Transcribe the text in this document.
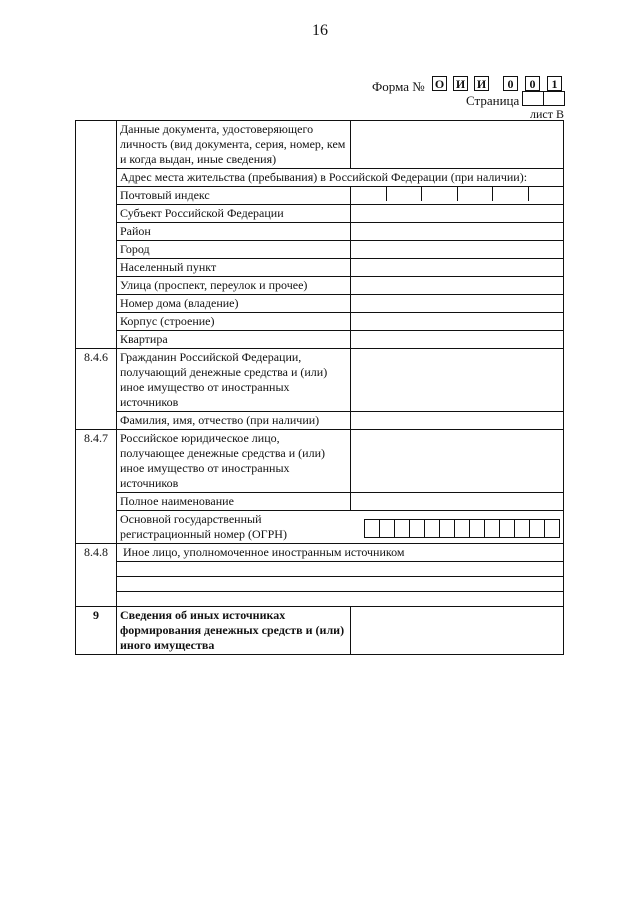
16
Форма № О И И	0	0	1
Страница
лист В
	Данные документа, удостоверяющего личность (вид документа, серия, номер, кем и когда выдан, иные сведения)	
	Адрес места жительства (пребывания) в Российской Федерации (при наличии):	
	Почтовый индекс	

	Субъект Российской Федерации	
	Район	
	Город	
	Населенный пункт	
	Улица (проспект, переулок и прочее)	
	Номер дома (владение)	
	Корпус (строение)	
	Квартира	
8.4.6	Гражданин Российской Федерации, получающий денежные средства и (или) иное имущество от иностранных источников	
	Фамилия, имя, отчество (при наличии)	
8.4.7	Российское юридическое лицо, получающее денежные средства и (или) иное имущество от иностранных источников	
	Полное наименование	

	Основной государственный регистрационный номер (ОГРН)	

8.4.8	Иное лицо, уполномоченное иностранным источником	

9	Сведения об иных источниках формирования денежных средств и (или) иного имущества	
